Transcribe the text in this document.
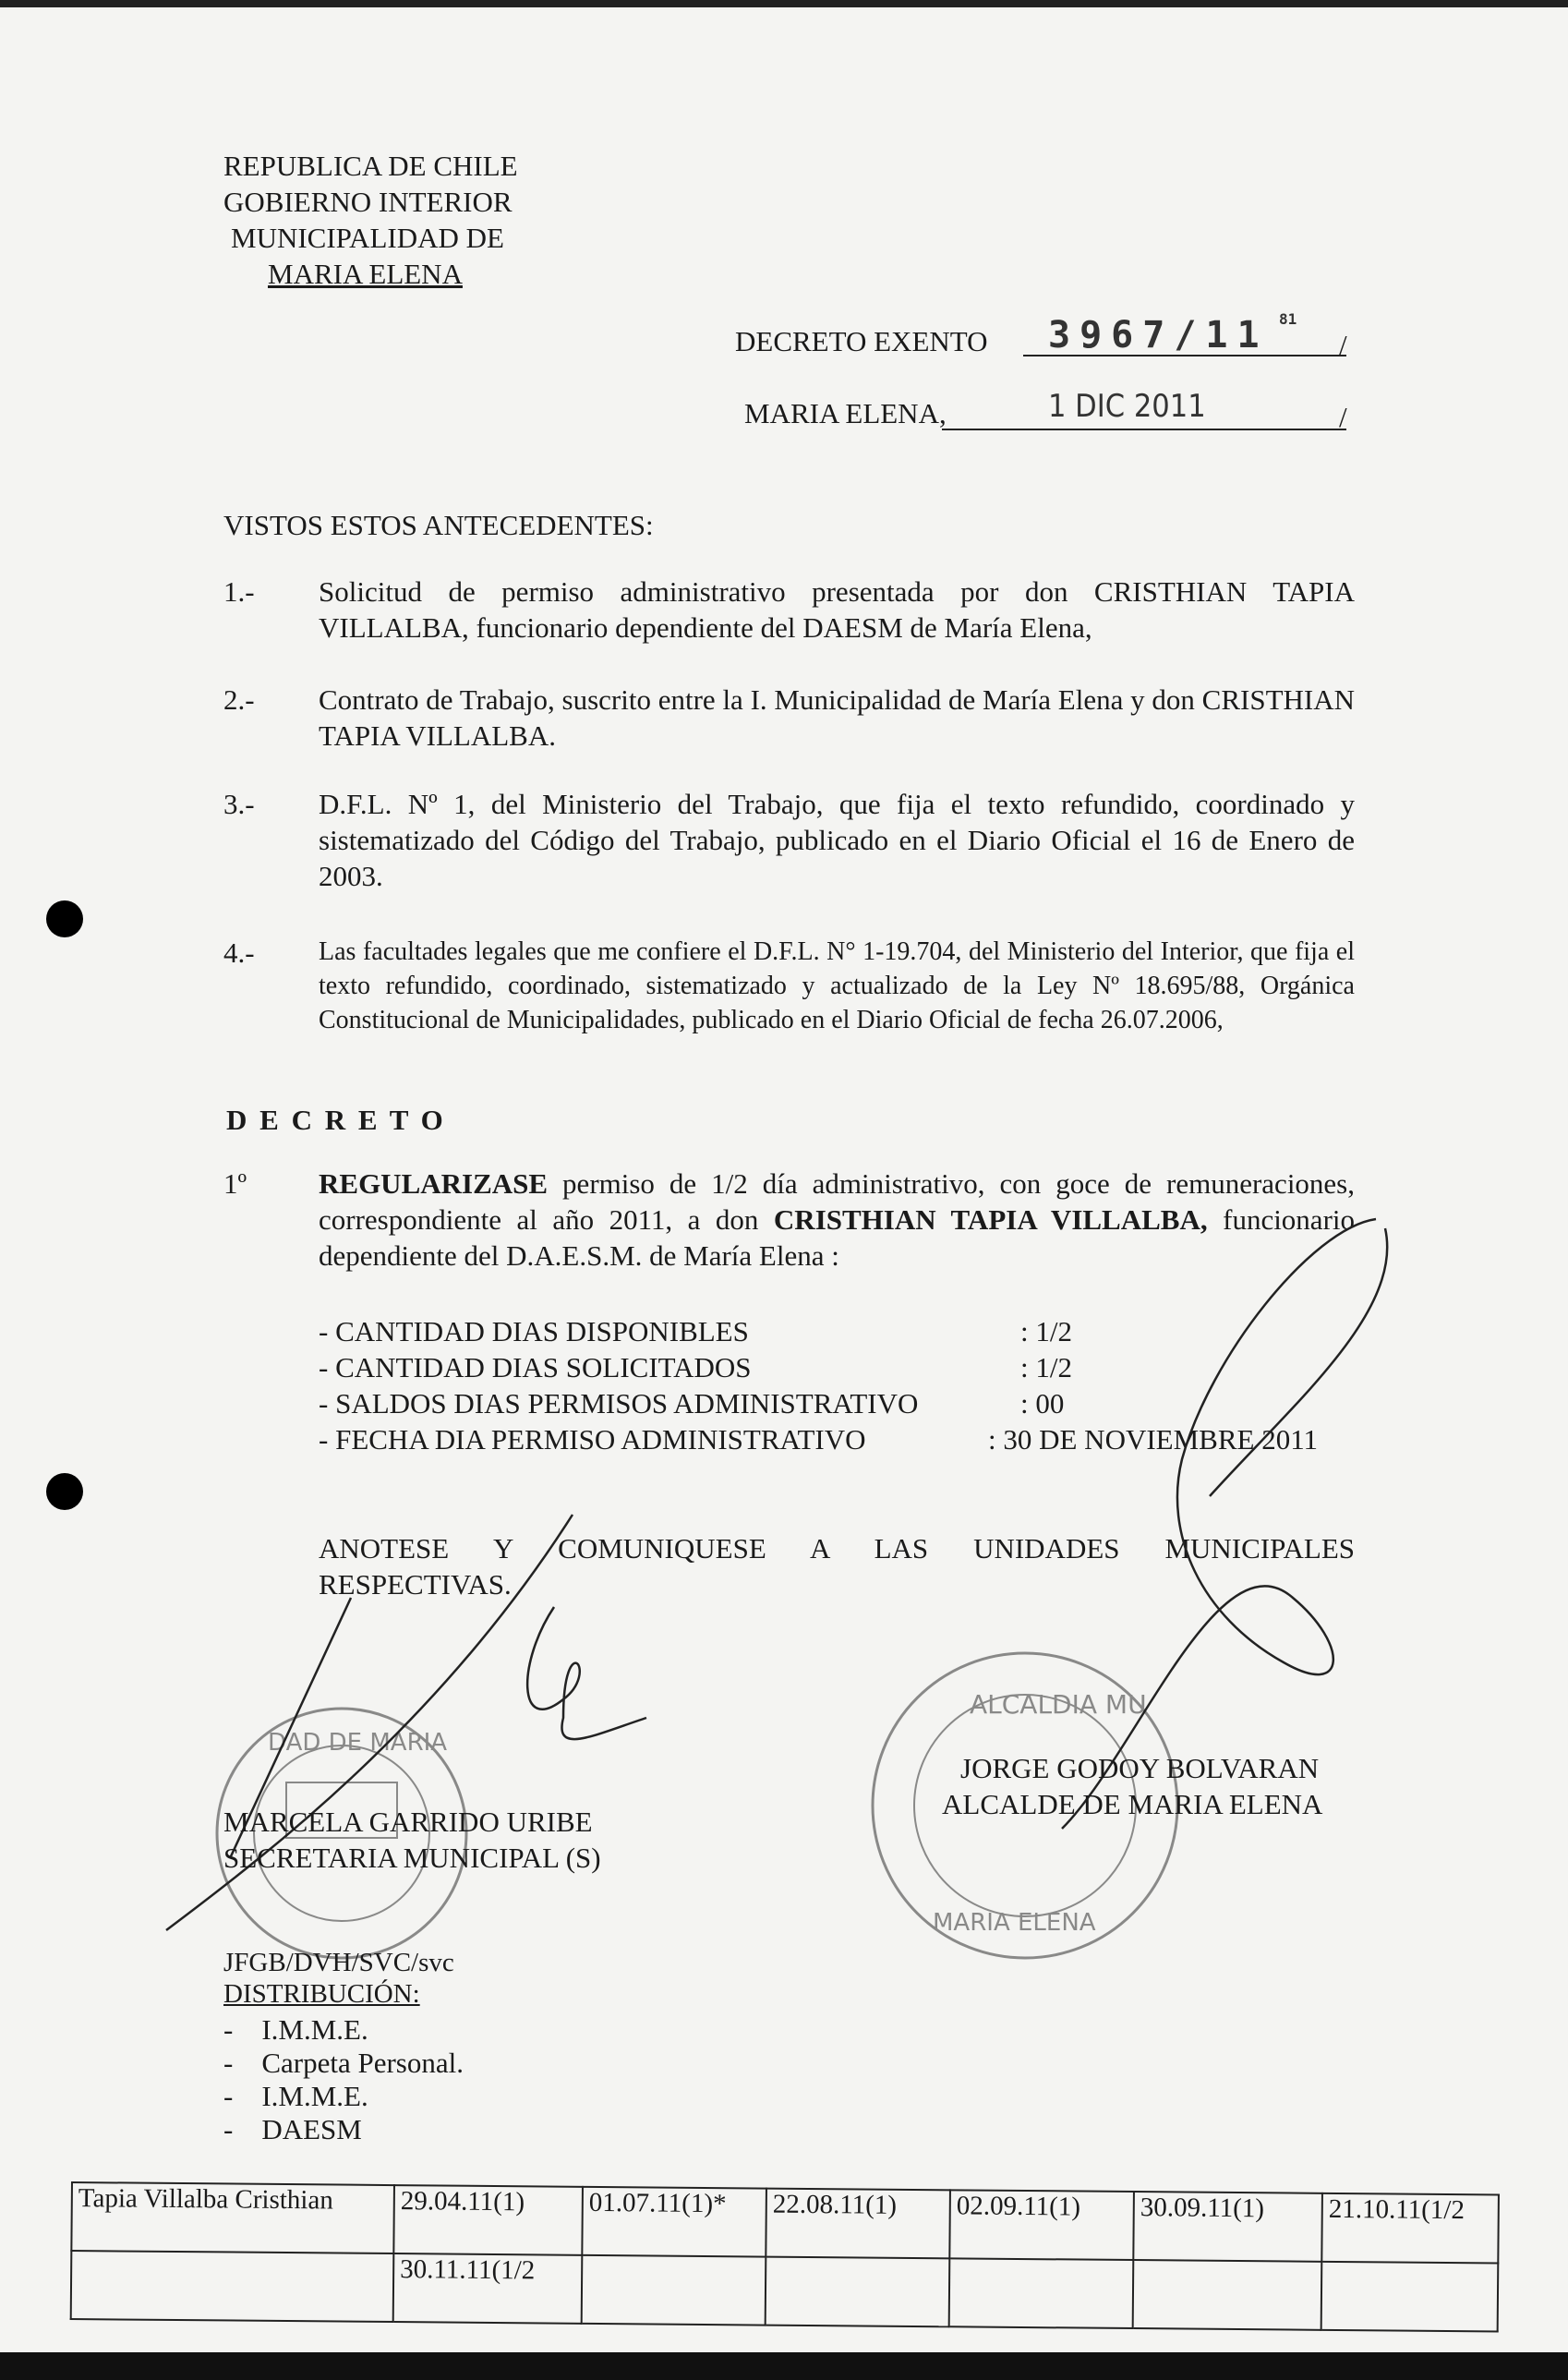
REPUBLICA DE CHILE
GOBIERNO INTERIOR
MUNICIPALIDAD DE
MARIA ELENA
DECRETO EXENTO 3967/11 81
/
MARIA ELENA,	1 DIC 2011	/
VISTOS ESTOS ANTECEDENTES:
1.- Solicitud de permiso administrativo presentada por don CRISTHIAN TAPIA VILLALBA, funcionario dependiente del DAESM de María Elena,
2.- Contrato de Trabajo, suscrito entre la I. Municipalidad de María Elena y don CRISTHIAN TAPIA VILLALBA.
3.- D.F.L. Nº 1, del Ministerio del Trabajo, que fija el texto refundido, coordinado y sistematizado del Código del Trabajo, publicado en el Diario Oficial el 16 de Enero de 2003.
4.- Las facultades legales que me confiere el D.F.L. N° 1-19.704, del Ministerio del Interior, que fija el texto refundido, coordinado, sistematizado y actualizado de la Ley Nº 18.695/88, Orgánica Constitucional de Municipalidades, publicado en el Diario Oficial de fecha 26.07.2006,
D E C R E T O
1º	REGULARIZASE permiso de 1/2 día administrativo, con goce de remuneraciones, correspondiente al año 2011, a don CRISTHIAN TAPIA VILLALBA, funcionario dependiente del D.A.E.S.M. de María Elena :
- CANTIDAD DIAS DISPONIBLES	: 1/2
- CANTIDAD DIAS SOLICITADOS	: 1/2
- SALDOS DIAS PERMISOS ADMINISTRATIVO	: 00
- FECHA DIA PERMISO ADMINISTRATIVO	: 30 DE NOVIEMBRE 2011
ANOTESE Y COMUNIQUESE A LAS UNIDADES MUNICIPALES RESPECTIVAS.
DAD DE MARIA
ALCALDIA MU
MARIA ELENA
MARCELA GARRIDO URIBE
SECRETARIA MUNICIPAL (S)
JORGE GODOY BOLVARAN
ALCALDE DE MARIA ELENA
JFGB/DVH/SVC/svc
DISTRIBUCIÓN:
-    I.M.M.E.
-    Carpeta Personal.
-    I.M.M.E.
-    DAESM
Tapia Villalba Cristhian	29.04.11(1)	01.07.11(1)*	22.08.11(1)	02.09.11(1)	30.09.11(1)	21.10.11(1/2
	30.11.11(1/2					
